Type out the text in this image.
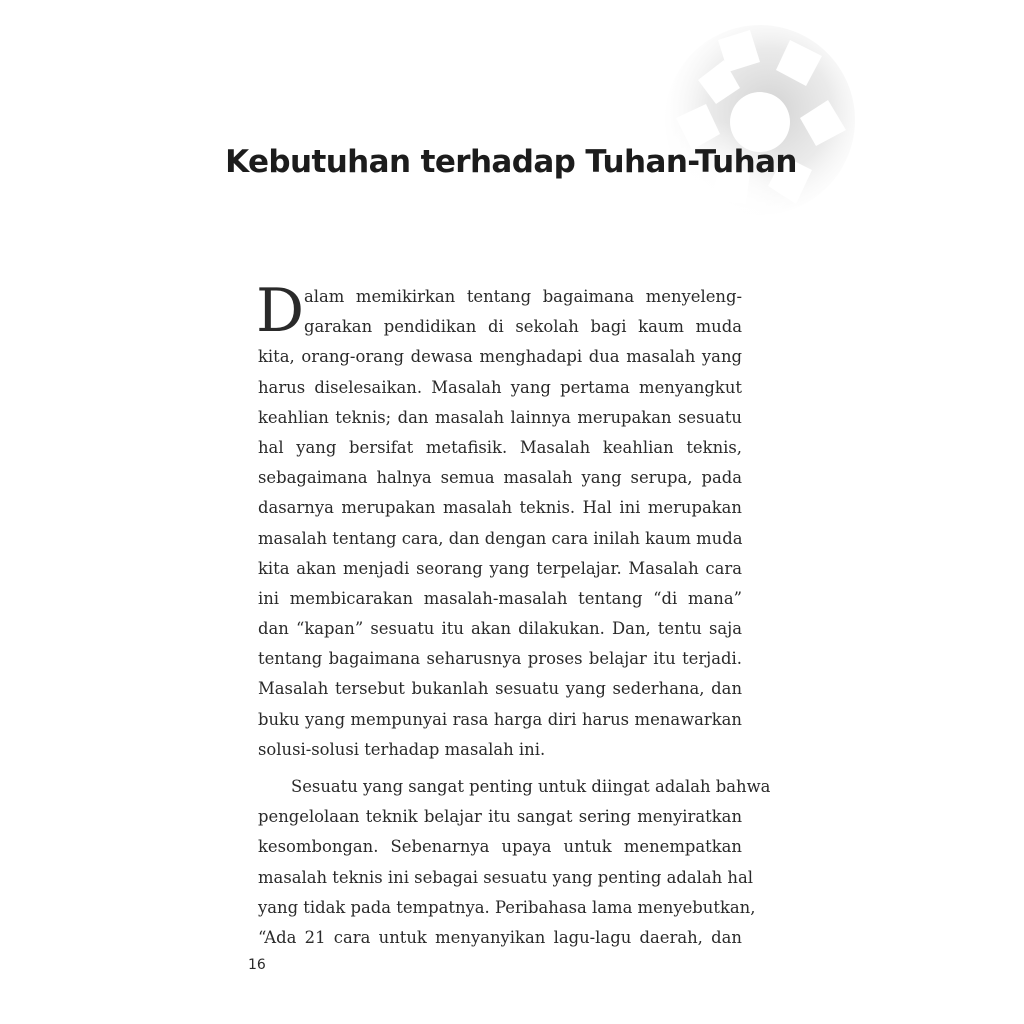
Kebutuhan terhadap Tuhan-Tuhan
D alam memikirkan tentang bagaimana menyeleng-
garakan pendidikan di sekolah bagi kaum muda
kita, orang-orang dewasa menghadapi dua masalah yang
harus diselesaikan. Masalah yang pertama menyangkut
keahlian teknis; dan masalah lainnya merupakan sesuatu
hal yang bersifat metafisik. Masalah keahlian teknis,
sebagaimana halnya semua masalah yang serupa, pada
dasarnya merupakan masalah teknis. Hal ini merupakan
masalah tentang cara, dan dengan cara inilah kaum muda
kita akan menjadi seorang yang terpelajar. Masalah cara
ini membicarakan masalah-masalah tentang “di mana”
dan “kapan” sesuatu itu akan dilakukan. Dan, tentu saja
tentang bagaimana seharusnya proses belajar itu terjadi.
Masalah tersebut bukanlah sesuatu yang sederhana, dan
buku yang mempunyai rasa harga diri harus menawarkan
solusi-solusi terhadap masalah ini.
Sesuatu yang sangat penting untuk diingat adalah bahwa
pengelolaan teknik belajar itu sangat sering menyiratkan
kesombongan. Sebenarnya upaya untuk menempatkan
masalah teknis ini sebagai sesuatu yang penting adalah hal
yang tidak pada tempatnya. Peribahasa lama menyebutkan,
“Ada 21 cara untuk menyanyikan lagu-lagu daerah, dan
16
